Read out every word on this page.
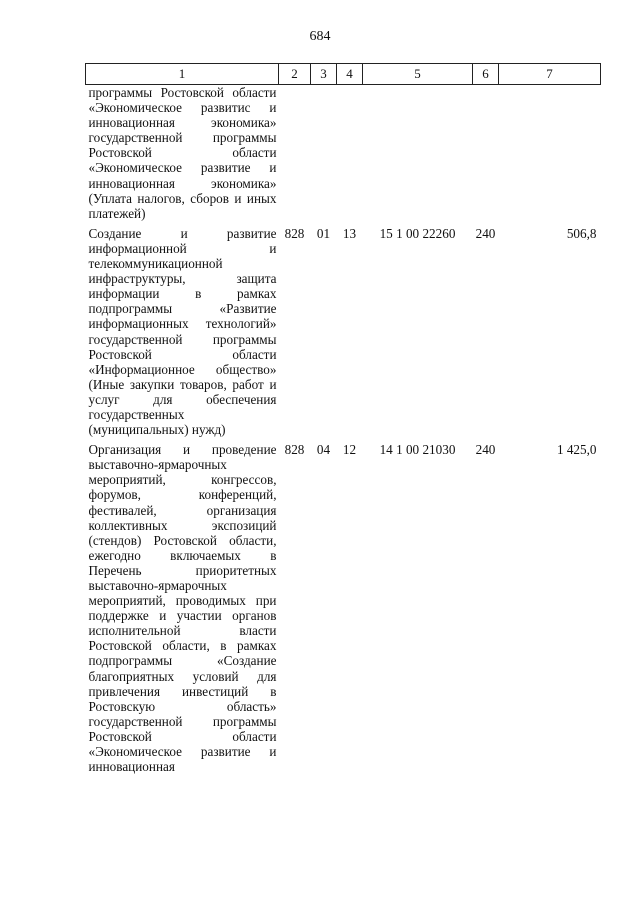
684
1	2	3	4	5	6	7
программы Ростовской области «Экономическое развитис и инновационная экономика» государственной программы Ростовской области «Экономическое развитие и инновационная экономика» (Уплата налогов, сборов и иных платежей)						
Создание и развитие информационной и телекоммуникационной инфраструктуры, защита информации в рамках подпрограммы «Развитие информационных технологий» государственной программы Ростовской области «Информационное общество» (Иные закупки товаров, работ и услуг для обеспечения государственных (муниципальных) нужд)	828	01	13	15 1 00 22260	240	506,8
Организация и проведение выставочно-ярмарочных мероприятий, конгрессов, форумов, конференций, фестивалей, организация коллективных экспозиций (стендов) Ростовской области, ежегодно включаемых в Перечень приоритетных выставочно-ярмарочных мероприятий, проводимых при поддержке и участии органов исполнительной власти Ростовской области, в рамках подпрограммы «Создание благоприятных условий для привлечения инвестиций в Ростовскую область» государственной программы Ростовской области «Экономическое развитие и инновационная	828	04	12	14 1 00 21030	240	1 425,0
